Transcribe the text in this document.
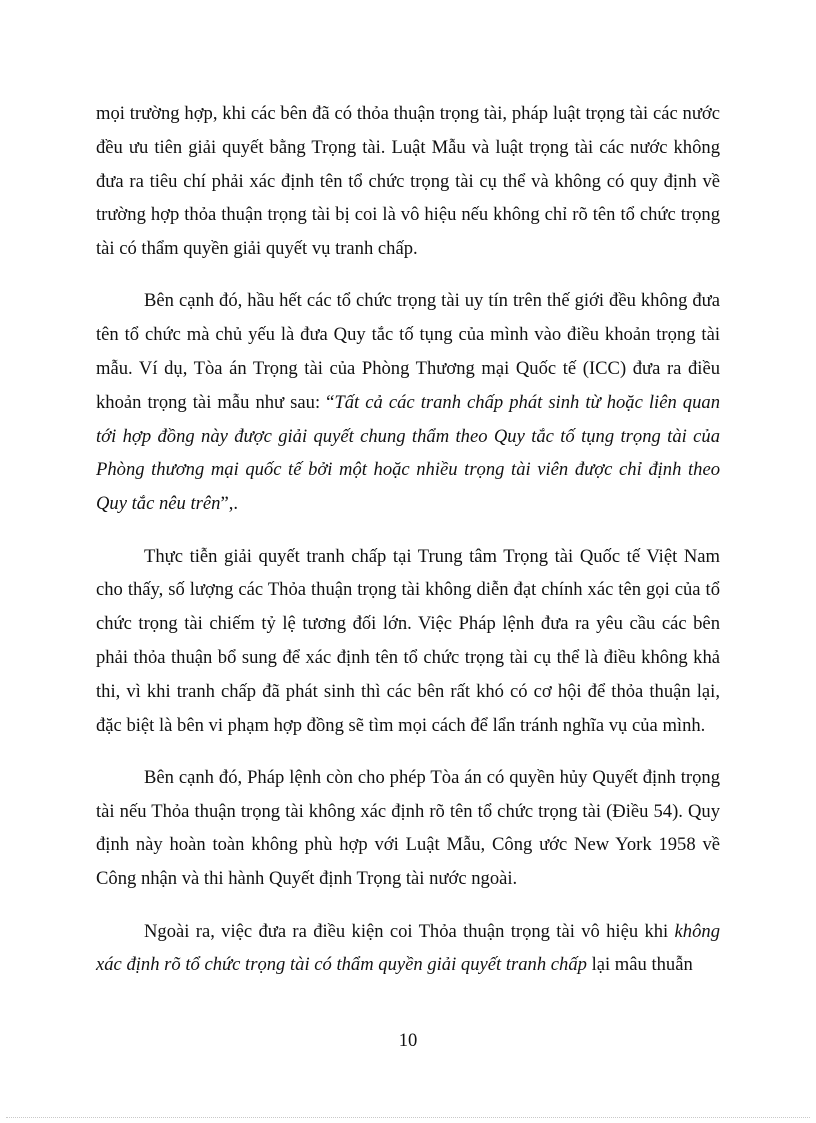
mọi trường hợp, khi các bên đã có thỏa thuận trọng tài, pháp luật trọng tài các nước đều ưu tiên giải quyết bằng Trọng tài. Luật Mẫu và luật trọng tài các nước không đưa ra tiêu chí phải xác định tên tổ chức trọng tài cụ thể và không có quy định về trường hợp thỏa thuận trọng tài bị coi là vô hiệu nếu không chỉ rõ tên tổ chức trọng tài có thẩm quyền giải quyết vụ tranh chấp.

Bên cạnh đó, hầu hết các tổ chức trọng tài uy tín trên thế giới đều không đưa tên tổ chức mà chủ yếu là đưa Quy tắc tố tụng của mình vào điều khoản trọng tài mẫu. Ví dụ, Tòa án Trọng tài của Phòng Thương mại Quốc tế (ICC) đưa ra điều khoản trọng tài mẫu như sau: “Tất cả các tranh chấp phát sinh từ hoặc liên quan tới hợp đồng này được giải quyết chung thẩm theo Quy tắc tố tụng trọng tài của Phòng thương mại quốc tế bởi một hoặc nhiều trọng tài viên được chỉ định theo Quy tắc nêu trên”,.

Thực tiễn giải quyết tranh chấp tại Trung tâm Trọng tài Quốc tế Việt Nam cho thấy, số lượng các Thỏa thuận trọng tài không diễn đạt chính xác tên gọi của tổ chức trọng tài chiếm tỷ lệ tương đối lớn. Việc Pháp lệnh đưa ra yêu cầu các bên phải thỏa thuận bổ sung để xác định tên tổ chức trọng tài cụ thể là điều không khả thi, vì khi tranh chấp đã phát sinh thì các bên rất khó có cơ hội để thỏa thuận lại, đặc biệt là bên vi phạm hợp đồng sẽ tìm mọi cách để lẩn tránh nghĩa vụ của mình.

Bên cạnh đó, Pháp lệnh còn cho phép Tòa án có quyền hủy Quyết định trọng tài nếu Thỏa thuận trọng tài không xác định rõ tên tổ chức trọng tài (Điều 54). Quy định này hoàn toàn không phù hợp với Luật Mẫu, Công ước New York 1958 về Công nhận và thi hành Quyết định Trọng tài nước ngoài.

Ngoài ra, việc đưa ra điều kiện coi Thỏa thuận trọng tài vô hiệu khi không xác định rõ tổ chức trọng tài có thẩm quyền giải quyết tranh chấp lại mâu thuẫn

10
